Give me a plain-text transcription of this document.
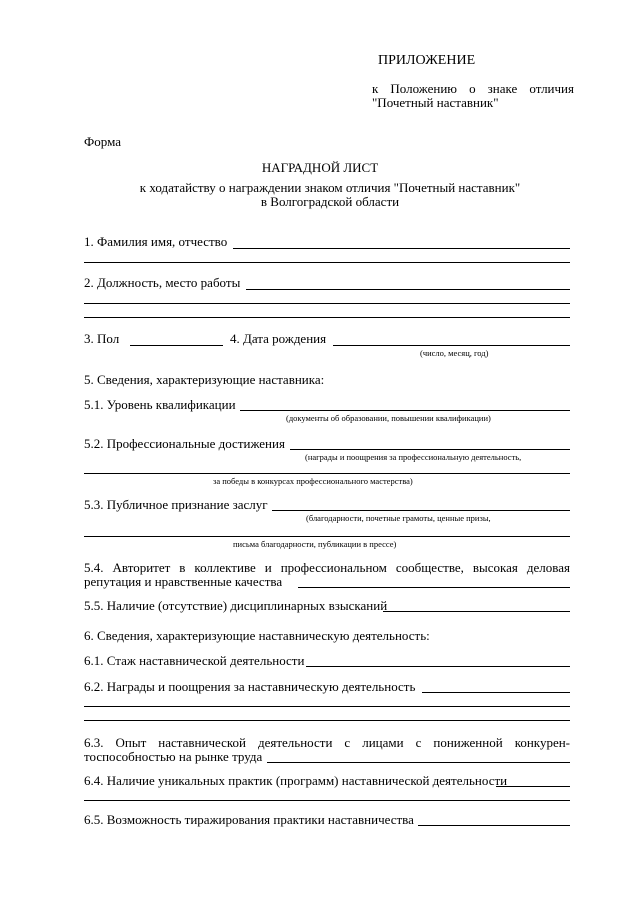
ПРИЛОЖЕНИЕ
к Положению о знаке отличия
"Почетный наставник"
Форма
НАГРАДНОЙ ЛИСТ
к ходатайству о награждении знаком отличия "Почетный наставник"
в Волгоградской области
1. Фамилия имя, отчество
2. Должность, место работы
3. Пол	4. Дата рождения
(число, месяц, год)
5. Сведения, характеризующие наставника:
5.1. Уровень квалификации
(документы об образовании, повышении квалификации)
5.2. Профессиональные достижения
(награды и поощрения за профессиональную деятельность,
за победы в конкурсах профессионального мастерства)
5.3. Публичное признание заслуг
(благодарности, почетные грамоты, ценные призы,
письма благодарности, публикации в прессе)
5.4. Авторитет в коллективе и профессиональном сообществе, высокая деловая
репутация и нравственные качества
5.5. Наличие (отсутствие) дисциплинарных взысканий
6. Сведения, характеризующие наставническую деятельность:
6.1. Стаж наставнической деятельности
6.2. Награды и поощрения за наставническую деятельность
6.3. Опыт наставнической деятельности с лицами с пониженной конкурен-
тоспособностью на рынке труда
6.4. Наличие уникальных практик (программ) наставнической деятельности
6.5. Возможность тиражирования практики наставничества
